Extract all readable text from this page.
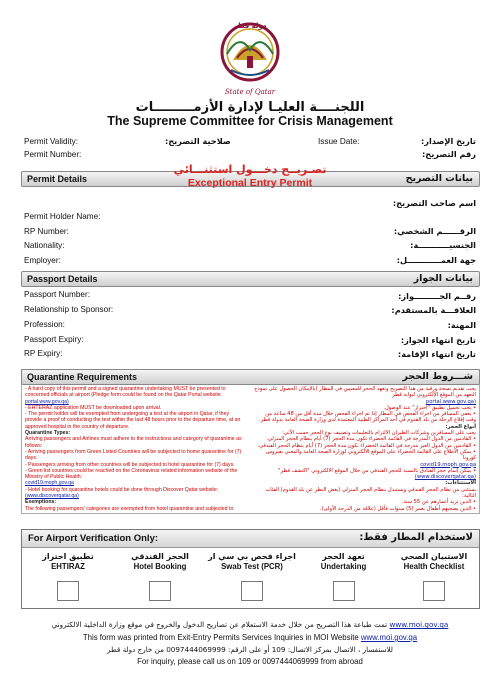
دولة قطر
State of Qatar
اللجنــــة العليـا لإدارة الأزمـــــــــات
The Supreme Committee for Crisis Management
Permit Validity:	صلاحية التصريح:	Issue Date:	تاريخ الإصدار:
Permit Number:	رقم التصريح:
Permit Details	بيانات التصريح
تصـريــح دخـــول استثنـــائي
Exceptional Entry Permit
اسم صاحب التصريح:
Permit Holder Name:
RP Number:	الرقــــــم الشخصي:
Nationality:	الجنسيـــــــــــة:
Employer:	جهة العمــــــــــــل:
Passport Details	بيانات الجواز
Passport Number:	رقــم الجـــــــــواز:
Relationship to Sponsor:	العلاقـــة بالمستقدم:
Profession:	المهنة:
Passport Expiry:	تاريخ انتهاء الجواز:
RP Expiry:	تاريخ انتهاء الإقامة:
Quarantine Requirements	شـــروط الحجر

- A hard copy of this permit and a signed quarantine undertaking MUST be presented to concerned officials at airport (Pledge form could be found on the Qatar Portal website

portal.www.gov.qa)

- EHTERAZ application MUST be downloaded upon arrival.

- The permit holder will be exempted from undergoing a test at the airport in Qatar, if they provide a proof of conducting the test within the last 48 hours prior to the departure time, at an approved hospital in the country of departure.

Quarantine Types:

Arriving passengers and Airlines must adhere to the instructions and category of quarantine as follows:

- Arriving passengers from Green Listed Countries will be subjected to home quarantine for (7) days.

- Passengers arriving from other countries will be subjected to hotel quarantine for (7) days.

- Green list countries could be reached on the Coronavirus related information website of the Ministry of Public Health:

covid19.moph.gov.qa

- Hotel booking for quarantine hotels could be done through Discover Qatar website:

(www.discoverqatar.qa)

Exemptions:

The following passengers' categories are exempted from hotel quarantine and subjected to

يجب تقديم نسخة ورقية من هذا التصريح وتعهد الحجر للمعنيين في المطار (بالإمكان الحصول على نموذج التعهد من الموقع الإلكتروني لبوابة قطر

(portal.www.gov.qa

• يجب تحميل تطبيق "احتراز" عند الوصول.

• يعفى المسافر من اجراء الفحص في المطار إذا تم اجراء الفحص خلال مدة أقل من 48 ساعة من وقت إقلاع الرحلة من بلد القدوم في أحد المراكز الطبية المعتمدة لدى وزارة الصحة العامة بدولة قطر.

أنواع الحجر:

يجب على المسافرين وشركات الطيران الالتزام بالتعليمات وتصنيف نوع الحجر حسب الآتي:

• القادمين من الدول المدرجة في القائمة الخضراء تكون مدة الحجر (7) أيام بنظام الحجر المنزلي.

• القادمين من الدول الغير مدرجة في القائمة الخضراء تكون مدة الحجر (7) أيام بنظام الحجر الفندقي.

• يمكن الاطلاع على القائمة الخضراء على الموقع الالكتروني لوزارة الصحة العامة والمعني بفيروس كورونا

covid19.moph.gov.qa

• يمكن إتمام حجز الفنادق بالنسبة للحجر الفندقي من خلال الموقع الالكتروني "اكتشف قطر"

(www.discoverqatar.qa)

الاستثناءات:

يستثنى من نظام الحجر الفندقي ويستبدل بنظام الحجر المنزلي (بغض النظر عن بلد القدوم) الفئات التالية:

• الذين تزيد أعمارهم عن 55 سنة.

• الذين يصحبهم أطفال بعمر (5) سنوات فأقل (علاقة من الدرجة الأولى).

For Airport Verification Only:	لاستخدام المطار فقط:
تطبيق احتراز
EHTIRAZ
الحجز الفندقي
Hotel Booking
اجراء فحص بي سي ار
Swab Test (PCR)
تعهد الحجر
Undertaking
الاستبيان الصحي
Health Checklist
تمت طباعة هذا التصريح من خلال خدمة الاستعلام عن تصاريح الدخول والخروج في موقع وزارة الداخلية الالكتروني www.moi.gov.qa
This form was printed from Exit-Entry Permits Services Inquiries in MOI Website www.moi.gov.qa
للاستفسار ، الاتصال بمركز الاتصال: 109 أو على الرقم: 0097444069999 من خارج دولة قطر
For inquiry, please call us on 109 or 0097444069999 from abroad
